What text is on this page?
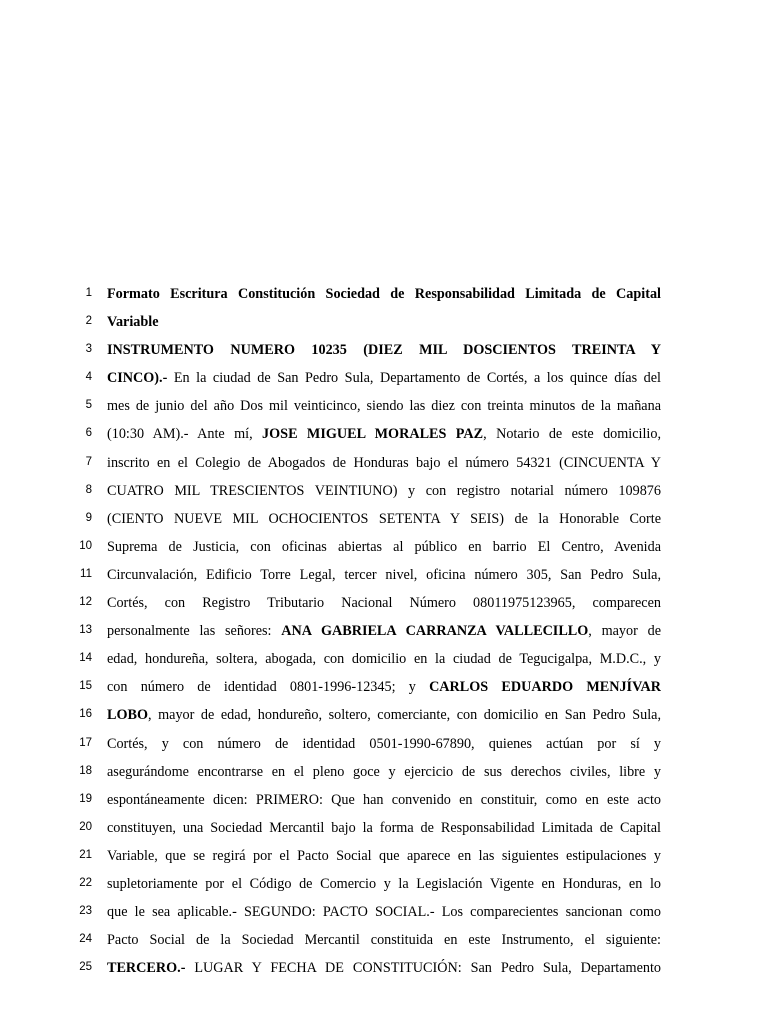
1 Formato Escritura Constitución Sociedad de Responsabilidad Limitada de Capital
2 Variable
3 INSTRUMENTO NUMERO 10235 (DIEZ MIL DOSCIENTOS TREINTA Y
4 CINCO).- En la ciudad de San Pedro Sula, Departamento de Cortés, a los quince días del
5 mes de junio del año Dos mil veinticinco, siendo las diez con treinta minutos de la mañana
6 (10:30 AM).- Ante mí, JOSE MIGUEL MORALES PAZ, Notario de este domicilio,
7 inscrito en el Colegio de Abogados de Honduras bajo el número 54321 (CINCUENTA Y
8 CUATRO MIL TRESCIENTOS VEINTIUNO) y con registro notarial número 109876
9 (CIENTO NUEVE MIL OCHOCIENTOS SETENTA Y SEIS) de la Honorable Corte
10 Suprema de Justicia, con oficinas abiertas al público en barrio El Centro, Avenida
11 Circunvalación, Edificio Torre Legal, tercer nivel, oficina número 305, San Pedro Sula,
12 Cortés, con Registro Tributario Nacional Número 08011975123965, comparecen
13 personalmente las señores: ANA GABRIELA CARRANZA VALLECILLO, mayor de
14 edad, hondureña, soltera, abogada, con domicilio en la ciudad de Tegucigalpa, M.D.C., y
15 con número de identidad 0801-1996-12345; y CARLOS EDUARDO MENJÍVAR
16 LOBO, mayor de edad, hondureño, soltero, comerciante, con domicilio en San Pedro Sula,
17 Cortés, y con número de identidad 0501-1990-67890, quienes actúan por sí y
18 asegurándome encontrarse en el pleno goce y ejercicio de sus derechos civiles, libre y
19 espontáneamente dicen: PRIMERO: Que han convenido en constituir, como en este acto
20 constituyen, una Sociedad Mercantil bajo la forma de Responsabilidad Limitada de Capital
21 Variable, que se regirá por el Pacto Social que aparece en las siguientes estipulaciones y
22 supletoriamente por el Código de Comercio y la Legislación Vigente en Honduras, en lo
23 que le sea aplicable.- SEGUNDO: PACTO SOCIAL.- Los comparecientes sancionan como
24 Pacto Social de la Sociedad Mercantil constituida en este Instrumento, el siguiente:
25 TERCERO.- LUGAR Y FECHA DE CONSTITUCIÓN: San Pedro Sula, Departamento
